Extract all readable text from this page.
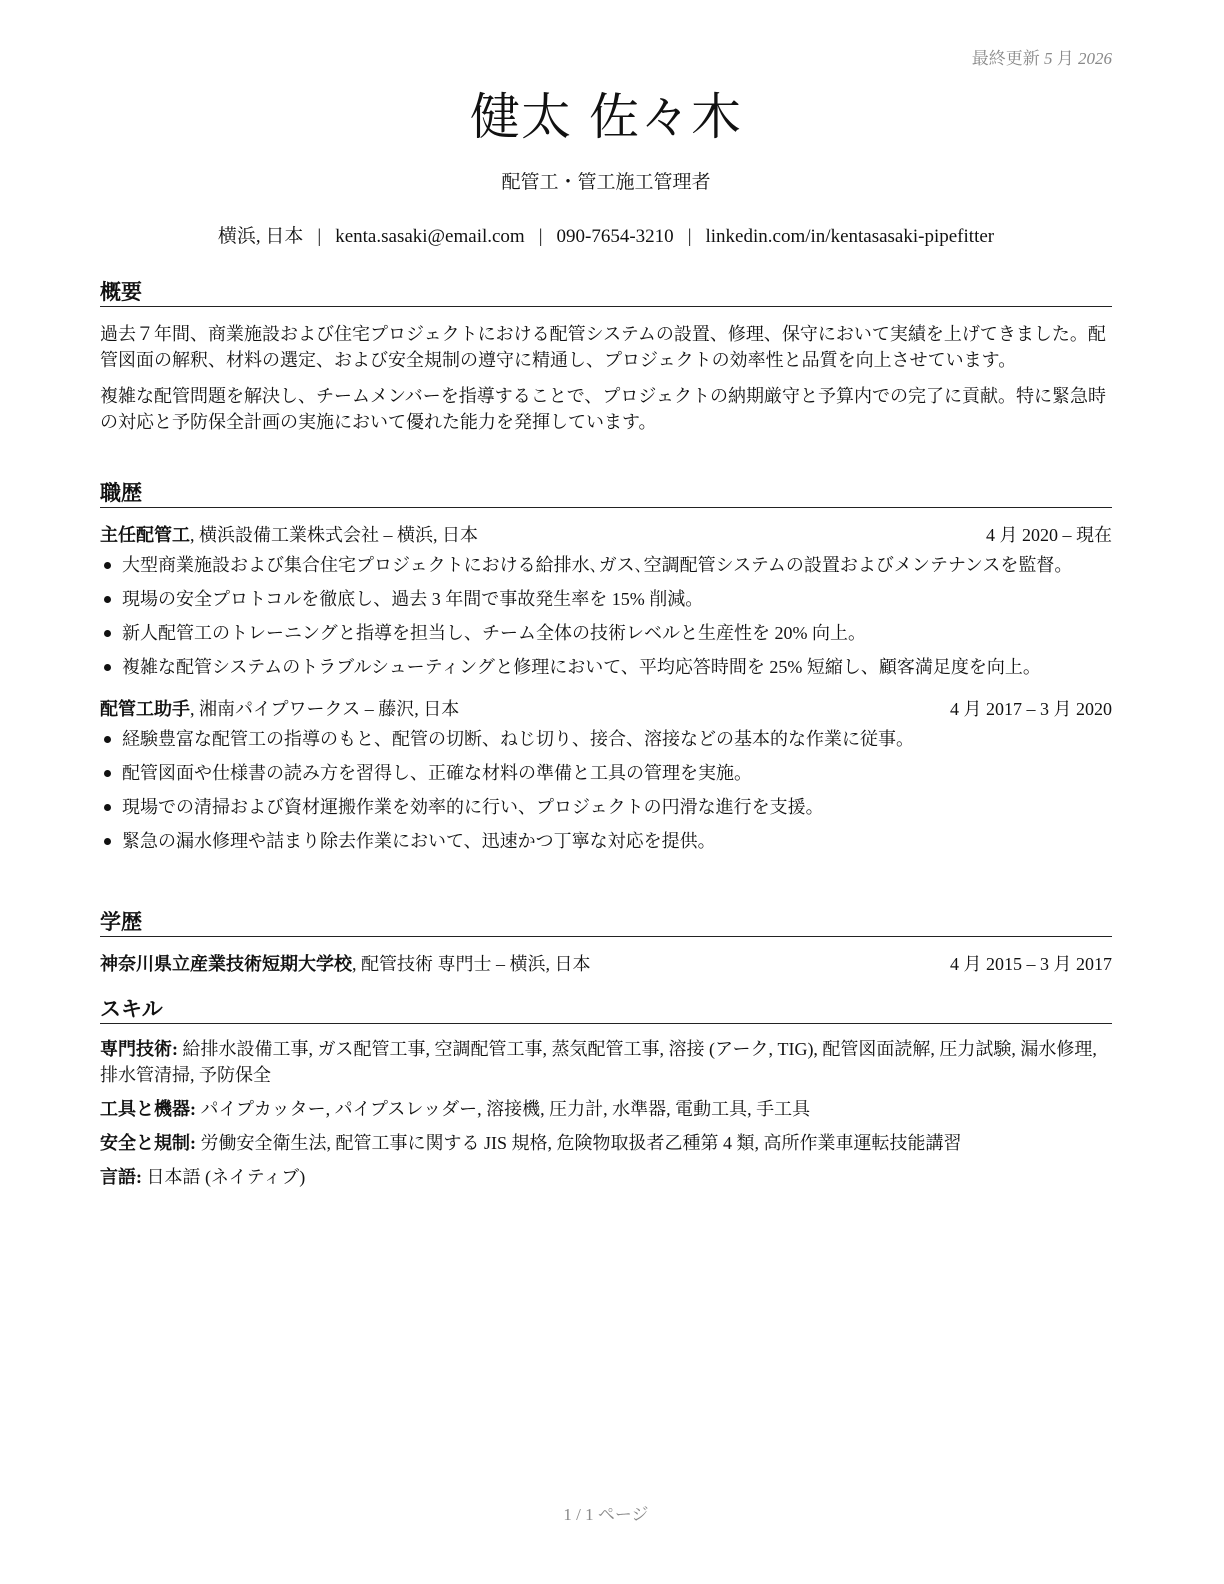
最終更新 5 月 2026
健太 佐々木
配管工・管工施工管理者
横浜, 日本 | kenta.sasaki@email.com | 090-7654-3210 | linkedin.com/in/kentasasaki-pipefitter
概要

過去７年間、商業施設および住宅プロジェクトにおける配管システムの設置、修理、保守において実績を上げてきました。配管図面の解釈、材料の選定、および安全規制の遵守に精通し、プロジェクトの効率性と品質を向上させています。

複雑な配管問題を解決し、チームメンバーを指導することで、プロジェクトの納期厳守と予算内での完了に貢献。特に緊急時の対応と予防保全計画の実施において優れた能力を発揮しています。

職歴
主任配管工, 横浜設備工業株式会社 – 横浜, 日本	4 月 2020 – 現在
大型商業施設および集合住宅プロジェクトにおける給排水､ガス､空調配管システムの設置およびメンテナンスを監督。
現場の安全プロトコルを徹底し、過去 3 年間で事故発生率を 15% 削減。
新人配管工のトレーニングと指導を担当し、チーム全体の技術レベルと生産性を 20% 向上。
複雑な配管システムのトラブルシューティングと修理において、平均応答時間を 25% 短縮し、顧客満足度を向上。
配管工助手, 湘南パイプワークス – 藤沢, 日本	4 月 2017 – 3 月 2020
経験豊富な配管工の指導のもと、配管の切断、ねじ切り、接合、溶接などの基本的な作業に従事。
配管図面や仕様書の読み方を習得し、正確な材料の準備と工具の管理を実施。
現場での清掃および資材運搬作業を効率的に行い、プロジェクトの円滑な進行を支援。
緊急の漏水修理や詰まり除去作業において、迅速かつ丁寧な対応を提供。
学歴
神奈川県立産業技術短期大学校, 配管技術 専門士 – 横浜, 日本	4 月 2015 – 3 月 2017
スキル

専門技術: 給排水設備工事, ガス配管工事, 空調配管工事, 蒸気配管工事, 溶接 (アーク, TIG), 配管図面読解, 圧力試験, 漏水修理, 排水管清掃, 予防保全

工具と機器: パイプカッター, パイプスレッダー, 溶接機, 圧力計, 水準器, 電動工具, 手工具

安全と規制: 労働安全衛生法, 配管工事に関する JIS 規格, 危険物取扱者乙種第 4 類, 高所作業車運転技能講習

言語: 日本語 (ネイティブ)

1 / 1 ページ
